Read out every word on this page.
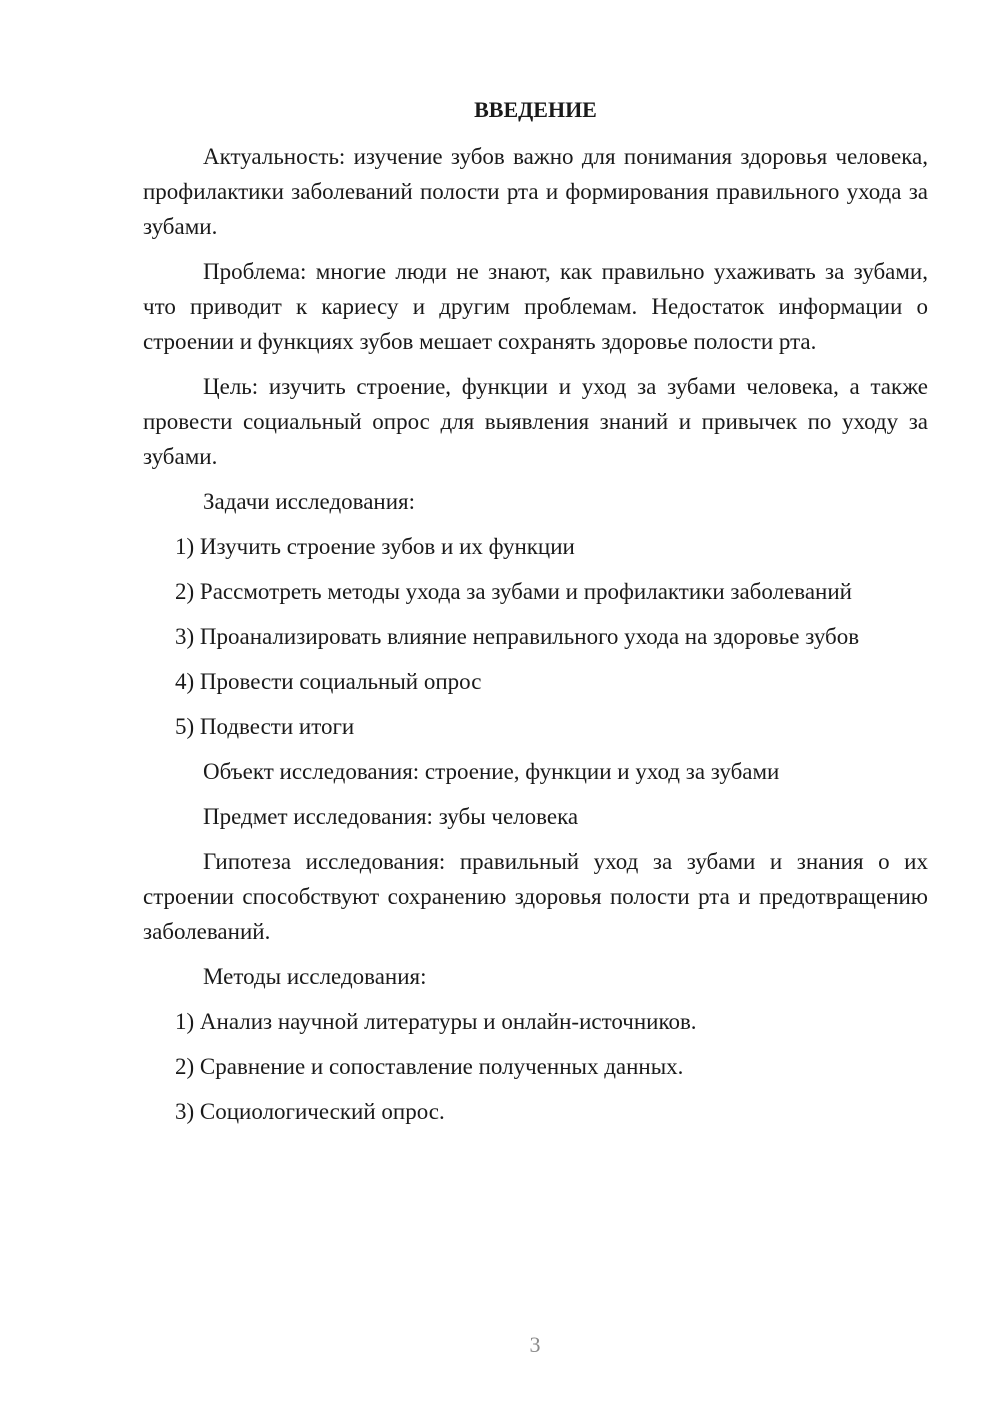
ВВЕДЕНИЕ

Актуальность: изучение зубов важно для понимания здоровья человека, профилактики заболеваний полости рта и формирования правильного ухода за зубами.

Проблема: многие люди не знают, как правильно ухаживать за зубами, что приводит к кариесу и другим проблемам. Недостаток информации о строении и функциях зубов мешает сохранять здоровье полости рта.

Цель: изучить строение, функции и уход за зубами человека, а также провести социальный опрос для выявления знаний и привычек по уходу за зубами.

Задачи исследования:
1) Изучить строение зубов и их функции
2) Рассмотреть методы ухода за зубами и профилактики заболеваний
3) Проанализировать влияние неправильного ухода на здоровье зубов
4) Провести социальный опрос
5) Подвести итоги
Объект исследования: строение, функции и уход за зубами
Предмет исследования: зубы человека

Гипотеза исследования: правильный уход за зубами и знания о их строении способствуют сохранению здоровья полости рта и предотвращению заболеваний.

Методы исследования:
1) Анализ научной литературы и онлайн-источников.
2) Сравнение и сопоставление полученных данных.
3) Социологический опрос.
3
